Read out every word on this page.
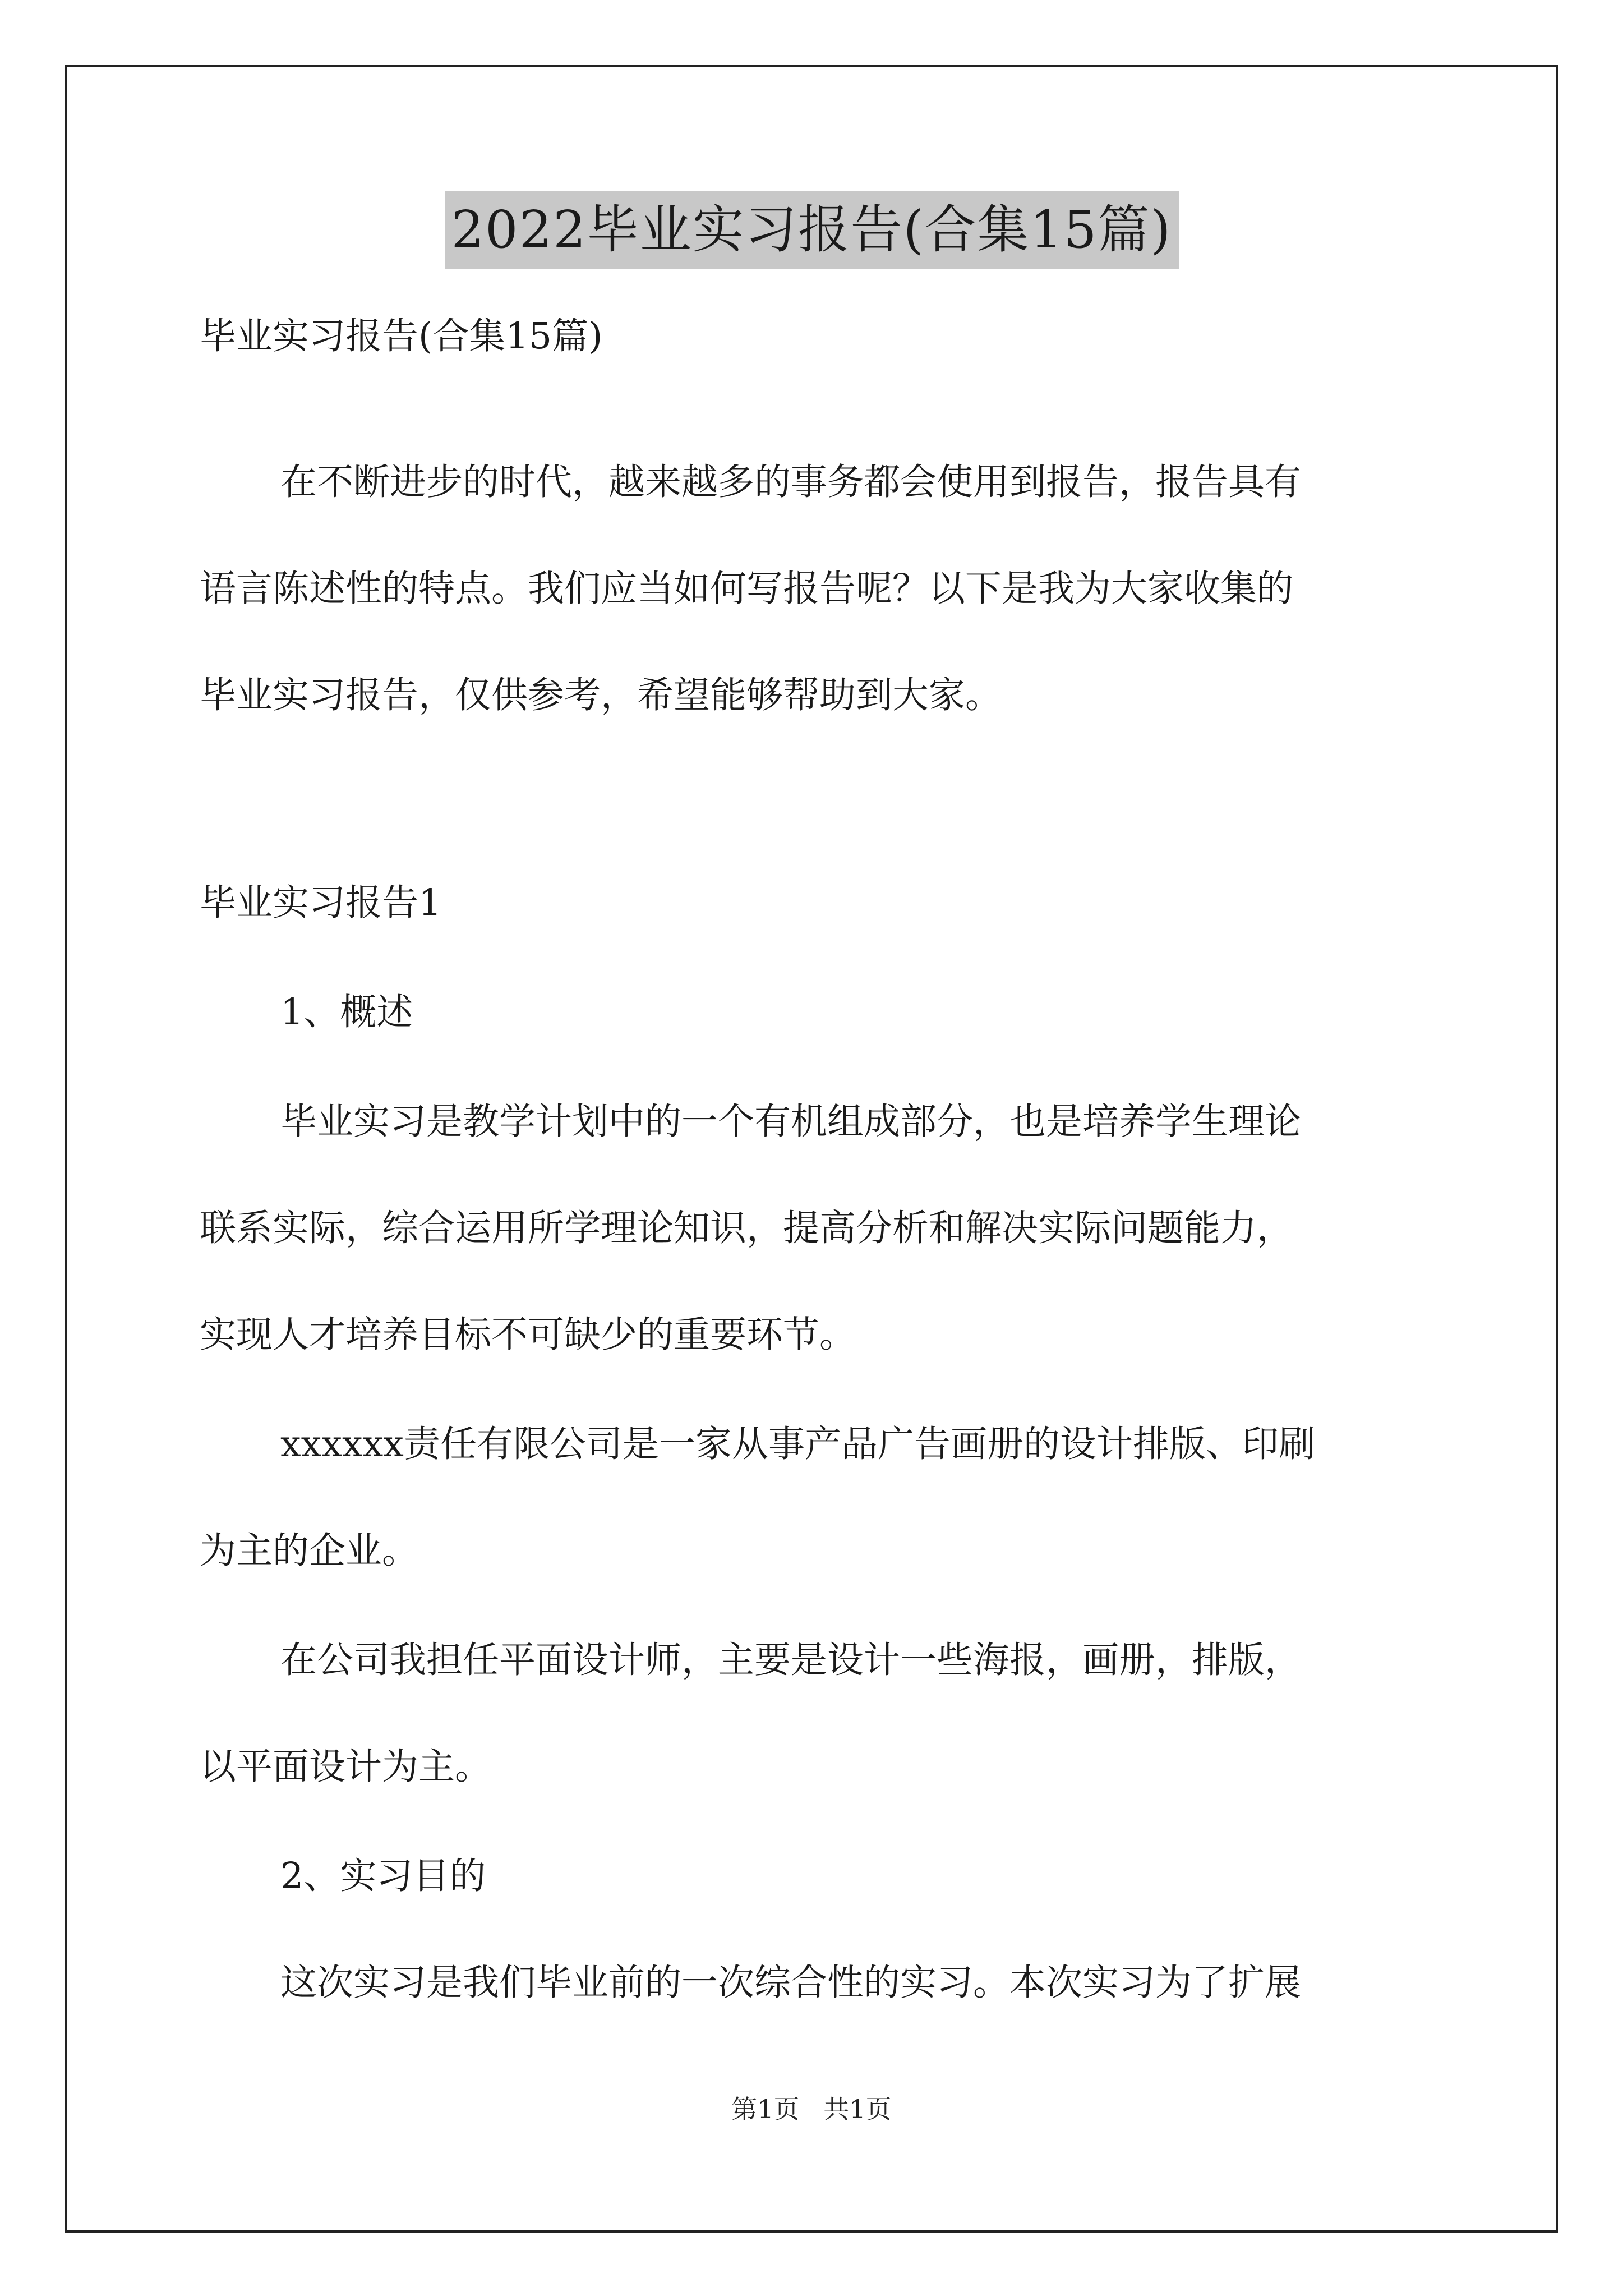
2022毕业实习报告(合集15篇)
毕业实习报告(合集15篇)
在不断进步的时代，越来越多的事务都会使用到报告，报告具有
语言陈述性的特点。我们应当如何写报告呢？以下是我为大家收集的
毕业实习报告，仅供参考，希望能够帮助到大家。
毕业实习报告1
1、概述
毕业实习是教学计划中的一个有机组成部分，也是培养学生理论
联系实际，综合运用所学理论知识，提高分析和解决实际问题能力，
实现人才培养目标不可缺少的重要环节。
xxxxxx责任有限公司是一家从事产品广告画册的设计排版、印刷
为主的企业。
在公司我担任平面设计师，主要是设计一些海报，画册，排版，
以平面设计为主。
2、实习目的
这次实习是我们毕业前的一次综合性的实习。本次实习为了扩展
第1页 共1页
